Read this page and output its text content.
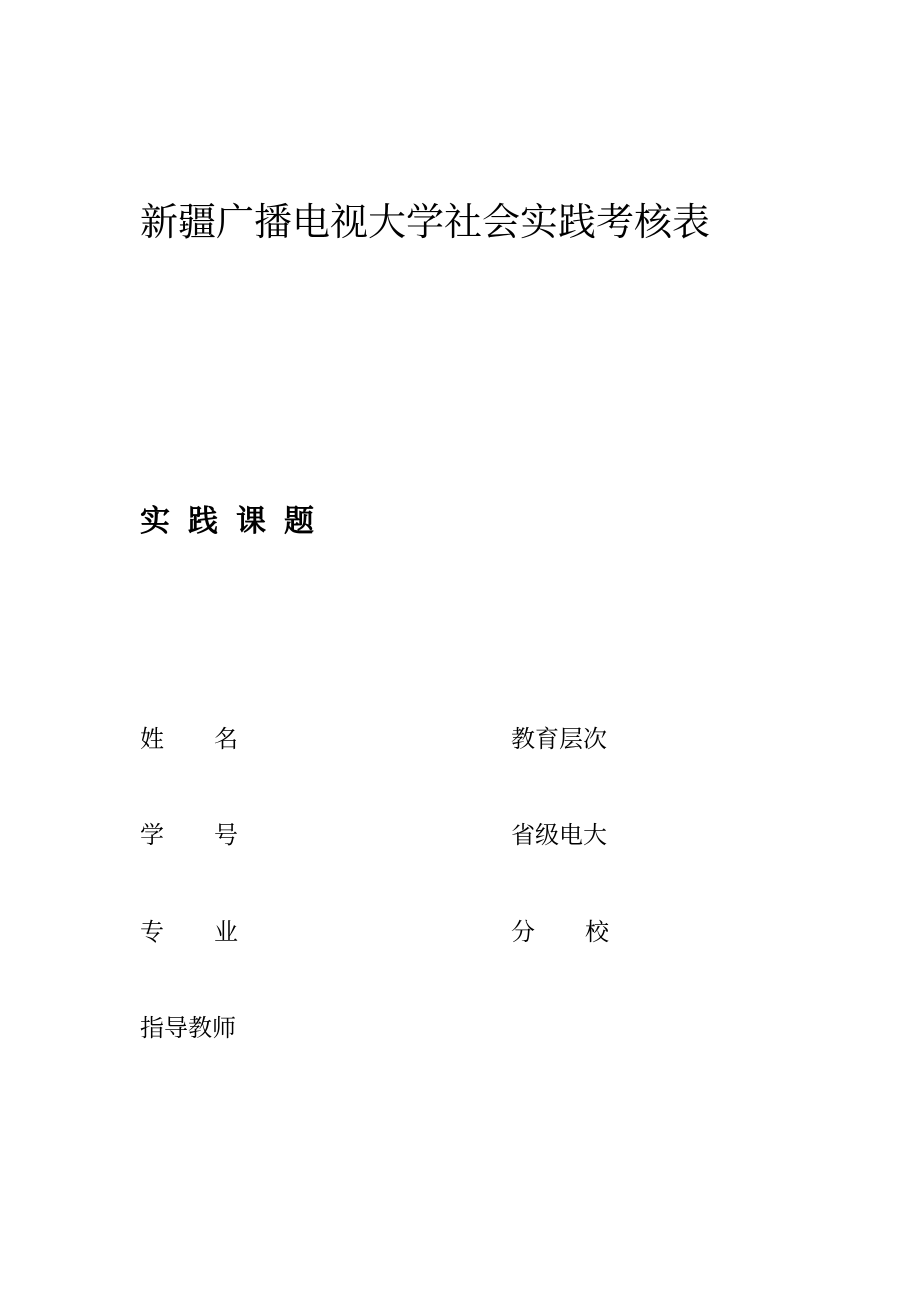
新疆广播电视大学社会实践考核表
实践课题
姓名	教育层次
学号	省级电大
专业	分校
指导教师
